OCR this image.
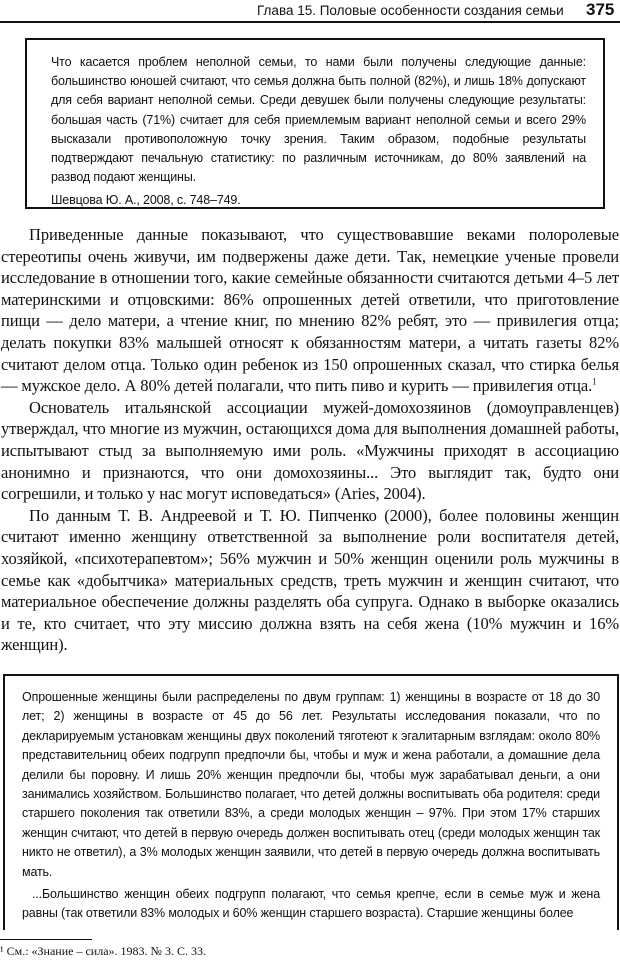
Глава 15. Половые особенности создания семьи	375

Что касается проблем неполной семьи, то нами были получены следующие данные: большинство юношей считают, что семья должна быть полной (82%), и лишь 18% допускают для себя вариант неполной семьи. Среди девушек были получены следующие результаты: большая часть (71%) считает для себя приемлемым вариант неполной семьи и всего 29% высказали противоположную точку зрения. Таким образом, подобные результаты подтверждают печальную статистику: по различным источникам, до 80% заявлений на развод подают женщины.

Шевцова Ю. А., 2008, с. 748–749.

Приведенные данные показывают, что существовавшие веками полоролевые стереотипы очень живучи, им подвержены даже дети. Так, немецкие ученые провели исследование в отношении того, какие семейные обязанности считаются детьми 4–5 лет материнскими и отцовскими: 86% опрошенных детей ответили, что приготовление пищи — дело матери, а чтение книг, по мнению 82% ребят, это — привилегия отца; делать покупки 83% малышей относят к обязанностям матери, а читать газеты 82% считают делом отца. Только один ребенок из 150 опрошенных сказал, что стирка белья — мужское дело. А 80% детей полагали, что пить пиво и курить — привилегия отца.$^1$

Основатель итальянской ассоциации мужей-домохозяинов (домоуправленцев) утверждал, что многие из мужчин, остающихся дома для выполнения домашней работы, испытывают стыд за выполняемую ими роль. «Мужчины приходят в ассоциацию анонимно и признаются, что они домохозяины... Это выглядит так, будто они согрешили, и только у нас могут исповедаться» (Aries, 2004).

По данным Т. В. Андреевой и Т. Ю. Пипченко (2000), более половины женщин считают именно женщину ответственной за выполнение роли воспитателя детей, хозяйкой, «психотерапевтом»; 56% мужчин и 50% женщин оценили роль мужчины в семье как «добытчика» материальных средств, треть мужчин и женщин считают, что материальное обеспечение должны разделять оба супруга. Однако в выборке оказались и те, кто считает, что эту миссию должна взять на себя жена (10% мужчин и 16% женщин).

Опрошенные женщины были распределены по двум группам: 1) женщины в возрасте от 18 до 30 лет; 2) женщины в возрасте от 45 до 56 лет. Результаты исследования показали, что по декларируемым установкам женщины двух поколений тяготеют к эгалитарным взглядам: около 80% представительниц обеих подгрупп предпочли бы, чтобы и муж и жена работали, а домашние дела делили бы поровну. И лишь 20% женщин предпочли бы, чтобы муж зарабатывал деньги, а они занимались хозяйством. Большинство полагает, что детей должны воспитывать оба родителя: среди старшего поколения так ответили 83%, а среди молодых женщин – 97%. При этом 17% старших женщин считают, что детей в первую очередь должен воспитывать отец (среди молодых женщин так никто не ответил), а 3% молодых женщин заявили, что детей в первую очередь должна воспитывать мать.

...Большинство женщин обеих подгрупп полагают, что семья крепче, если в семье муж и жена равны (так ответили 83% молодых и 60% женщин старшего возраста). Старшие женщины более

¹ См.: «Знание – сила». 1983. № 3. С. 33.
